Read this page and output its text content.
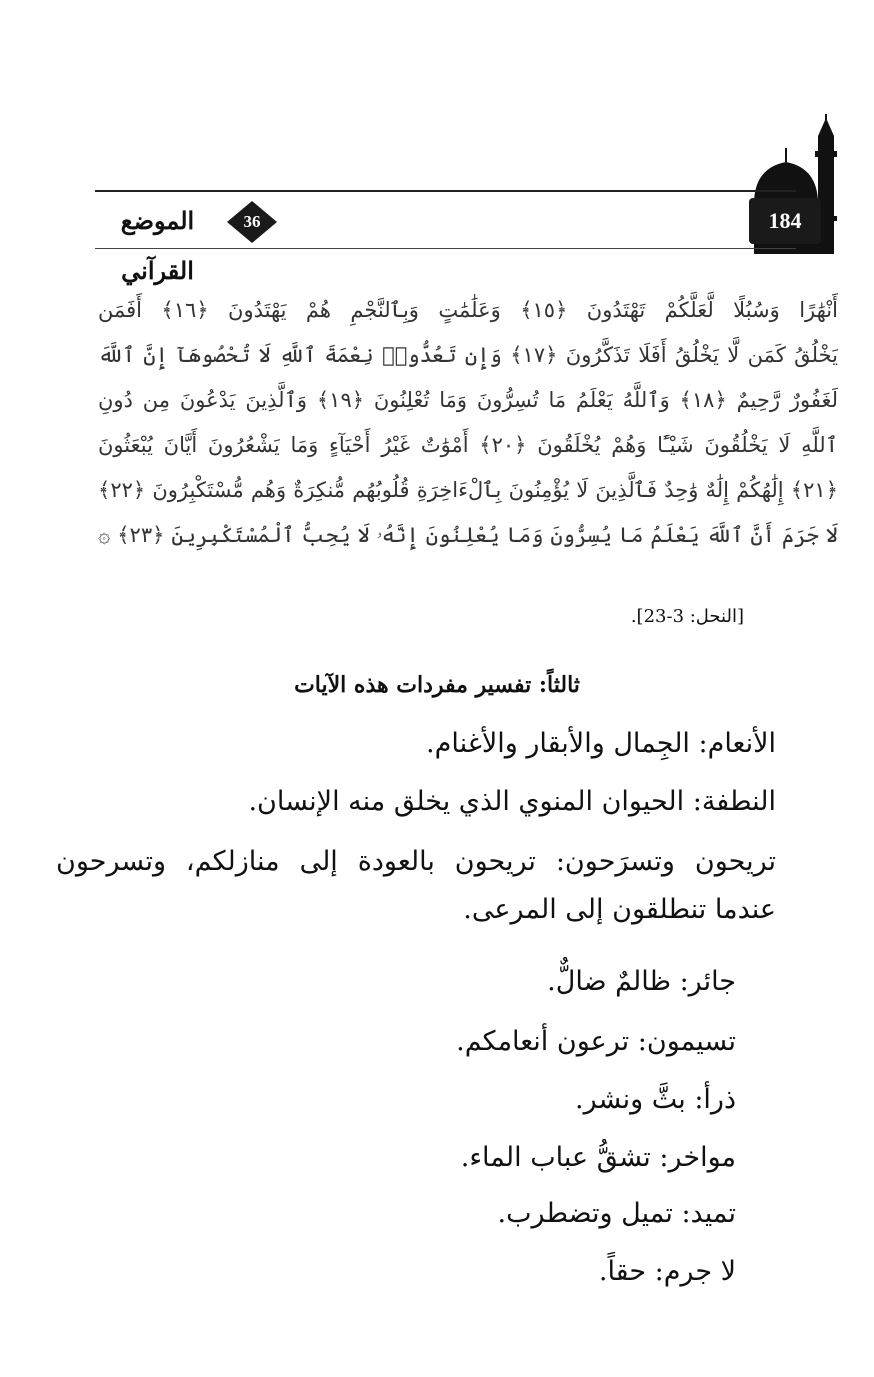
184
36
الموضع القرآني
أَنْهَٰرًا وَسُبُلًا لَّعَلَّكُمْ تَهْتَدُونَ ﴿١٥﴾ وَعَلَٰمَٰتٍ وَبِٱلنَّجْمِ هُمْ يَهْتَدُونَ ﴿١٦﴾ أَفَمَن
يَخْلُقُ كَمَن لَّا يَخْلُقُ أَفَلَا تَذَكَّرُونَ ﴿١٧﴾ وَإِن تَعُدُّوا۟ نِعْمَةَ ٱللَّهِ لَا تُحْصُوهَآ إِنَّ ٱللَّهَ
لَغَفُورٌ رَّحِيمٌ ﴿١٨﴾ وَٱللَّهُ يَعْلَمُ مَا تُسِرُّونَ وَمَا تُعْلِنُونَ ﴿١٩﴾ وَٱلَّذِينَ يَدْعُونَ مِن دُونِ
ٱللَّهِ لَا يَخْلُقُونَ شَيْـًٔا وَهُمْ يُخْلَقُونَ ﴿٢٠﴾ أَمْوَٰتٌ غَيْرُ أَحْيَآءٍ وَمَا يَشْعُرُونَ أَيَّانَ يُبْعَثُونَ
﴿٢١﴾ إِلَٰهُكُمْ إِلَٰهٌ وَٰحِدٌ فَٱلَّذِينَ لَا يُؤْمِنُونَ بِٱلْءَاخِرَةِ قُلُوبُهُم مُّنكِرَةٌ وَهُم مُّسْتَكْبِرُونَ ﴿٢٢﴾
لَا جَرَمَ أَنَّ ٱللَّهَ يَعْلَمُ مَا يُسِرُّونَ وَمَا يُعْلِنُونَ إِنَّهُۥ لَا يُحِبُّ ٱلْمُسْتَكْبِرِينَ ﴿٢٣﴾ ۞
[النحل: 3-23].
ثالثاً: تفسير مفردات هذه الآيات
الأنعام: الجِمال والأبقار والأغنام.
النطفة: الحيوان المنوي الذي يخلق منه الإنسان.
تريحون وتسرَحون: تريحون بالعودة إلى منازلكم، وتسرحون عندما تنطلقون إلى المرعى.
جائر: ظالمٌ ضالٌّ.
تسيمون: ترعون أنعامكم.
ذرأ: بثَّ ونشر.
مواخر: تشقُّ عباب الماء.
تميد: تميل وتضطرب.
لا جرم: حقاً.
